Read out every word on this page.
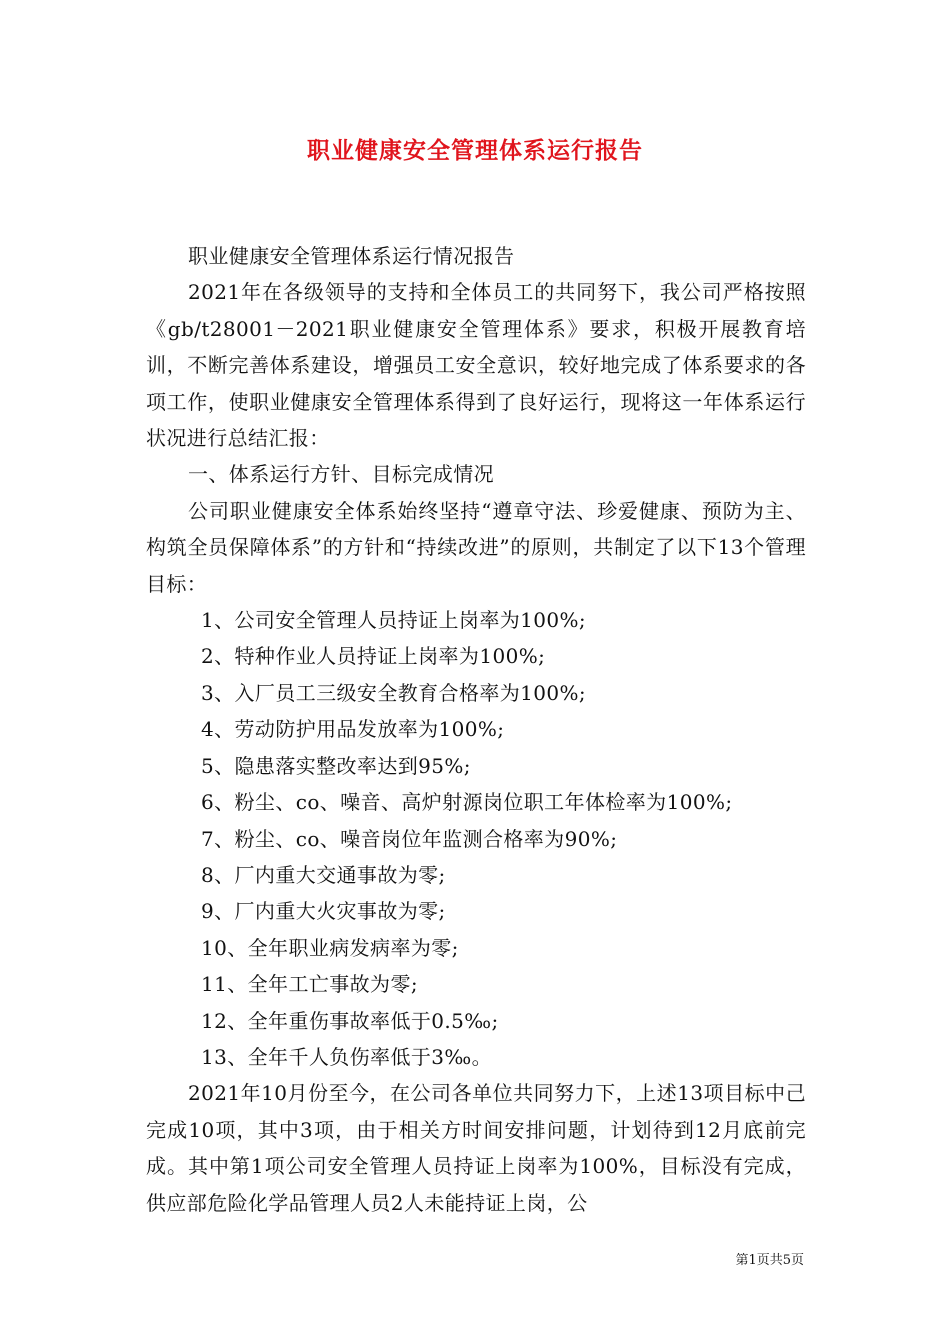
职业健康安全管理体系运行报告

职业健康安全管理体系运行情况报告

2021年在各级领导的支持和全体员工的共同努下，我公司严格按照《gb/t28001－2021职业健康安全管理体系》要求，积极开展教育培训，不断完善体系建设，增强员工安全意识，较好地完成了体系要求的各项工作，使职业健康安全管理体系得到了良好运行，现将这一年体系运行状况进行总结汇报：

一、体系运行方针、目标完成情况

公司职业健康安全体系始终坚持“遵章守法、珍爱健康、预防为主、构筑全员保障体系”的方针和“持续改进”的原则，共制定了以下13个管理目标：

1、公司安全管理人员持证上岗率为100%;
2、特种作业人员持证上岗率为100%;
3、入厂员工三级安全教育合格率为100%;
4、劳动防护用品发放率为100%;
5、隐患落实整改率达到95%;
6、粉尘、co、噪音、高炉射源岗位职工年体检率为100%;
7、粉尘、co、噪音岗位年监测合格率为90%;
8、厂内重大交通事故为零;
9、厂内重大火灾事故为零;
10、全年职业病发病率为零;
11、全年工亡事故为零;
12、全年重伤事故率低于0.5‰;
13、全年千人负伤率低于3‰。

2021年10月份至今，在公司各单位共同努力下，上述13项目标中己完成10项，其中3项，由于相关方时间安排问题，计划待到12月底前完成。其中第1项公司安全管理人员持证上岗率为100%，目标没有完成，供应部危险化学品管理人员2人未能持证上岗，公

第1页共5页
